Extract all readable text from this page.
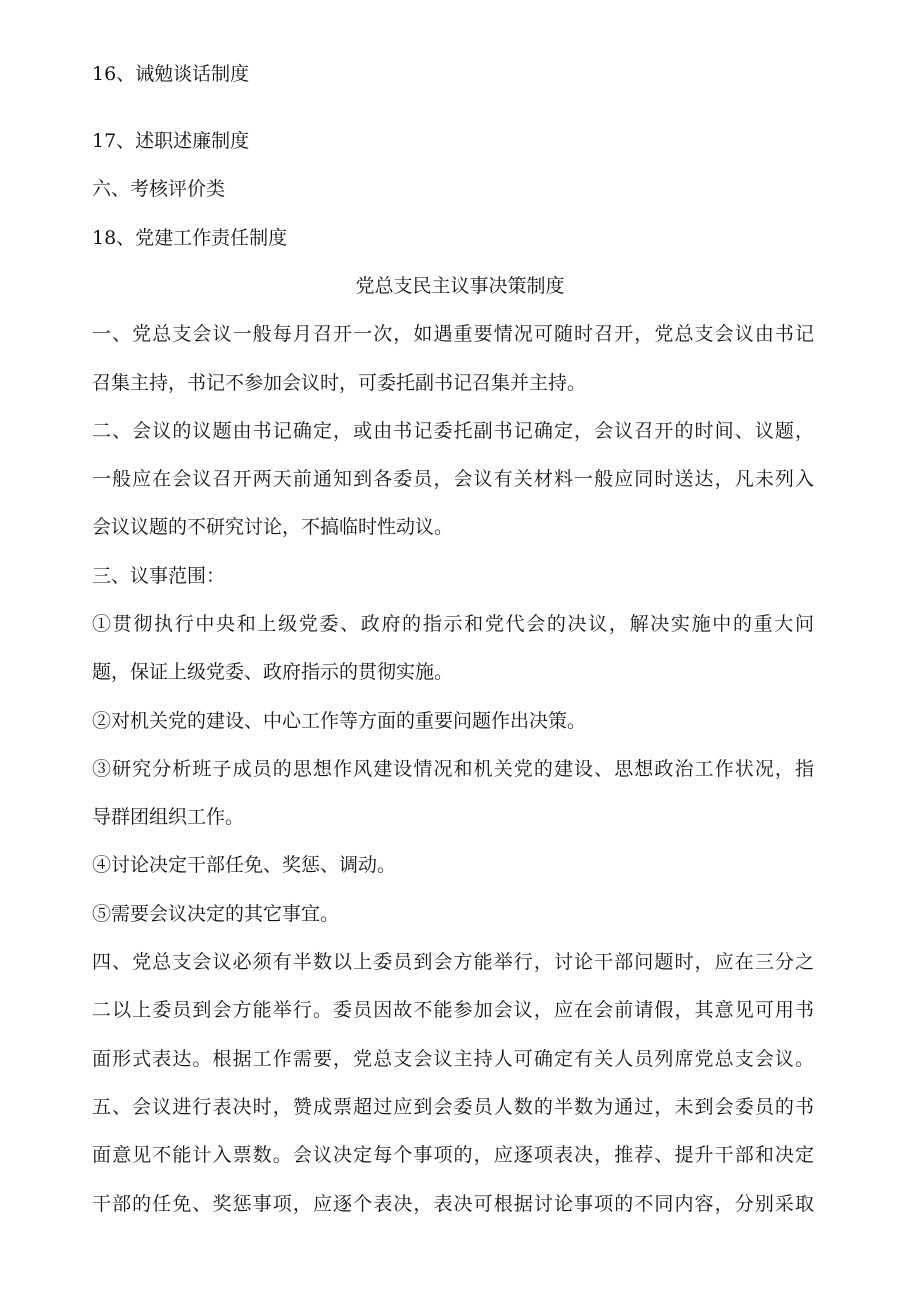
16、诫勉谈话制度
17、述职述廉制度
六、考核评价类
18、党建工作责任制度
党总支民主议事决策制度
一、党总支会议一般每月召开一次，如遇重要情况可随时召开，党总支会议由书记
召集主持，书记不参加会议时，可委托副书记召集并主持。
二、会议的议题由书记确定，或由书记委托副书记确定，会议召开的时间、议题，
一般应在会议召开两天前通知到各委员，会议有关材料一般应同时送达，凡未列入
会议议题的不研究讨论，不搞临时性动议。
三、议事范围：
①贯彻执行中央和上级党委、政府的指示和党代会的决议，解决实施中的重大问
题，保证上级党委、政府指示的贯彻实施。
②对机关党的建设、中心工作等方面的重要问题作出决策。
③研究分析班子成员的思想作风建设情况和机关党的建设、思想政治工作状况，指
导群团组织工作。
④讨论决定干部任免、奖惩、调动。
⑤需要会议决定的其它事宜。
四、党总支会议必须有半数以上委员到会方能举行，讨论干部问题时，应在三分之
二以上委员到会方能举行。委员因故不能参加会议，应在会前请假，其意见可用书
面形式表达。根据工作需要，党总支会议主持人可确定有关人员列席党总支会议。
五、会议进行表决时，赞成票超过应到会委员人数的半数为通过，未到会委员的书
面意见不能计入票数。会议决定每个事项的，应逐项表决，推荐、提升干部和决定
干部的任免、奖惩事项，应逐个表决，表决可根据讨论事项的不同内容，分别采取
